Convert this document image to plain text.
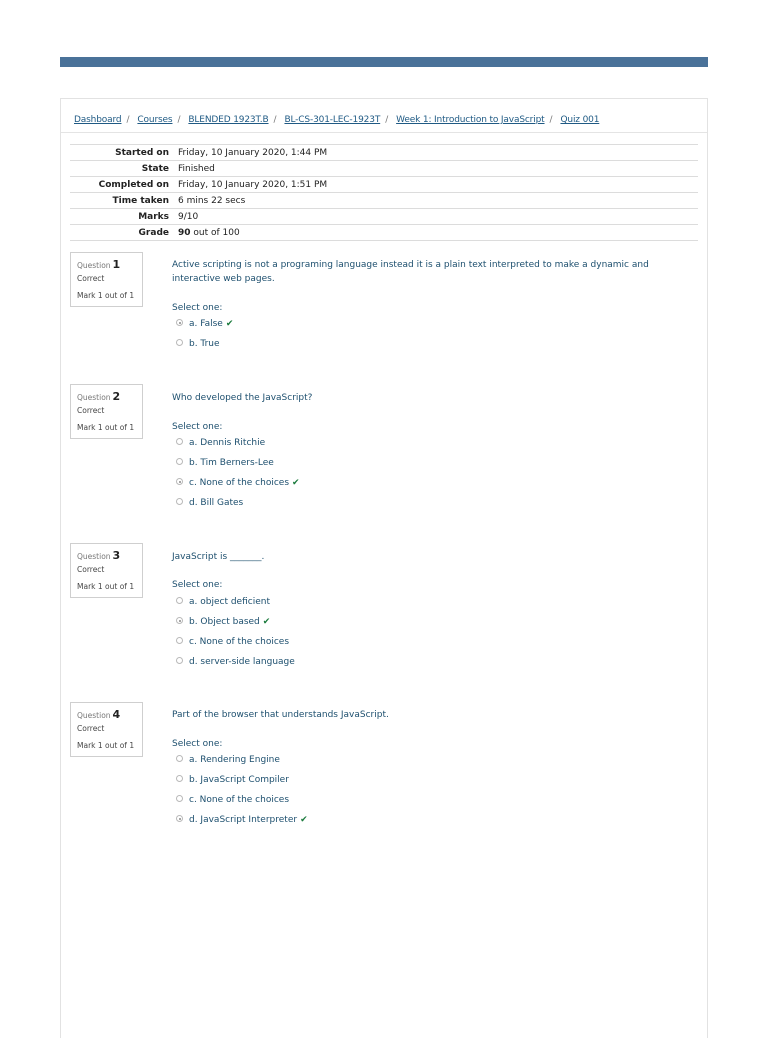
Dashboard / Courses / BLENDED 1923T.B / BL-CS-301-LEC-1923T / Week 1: Introduction to JavaScript / Quiz 001
Started on	Friday, 10 January 2020, 1:44 PM
State	Finished
Completed on	Friday, 10 January 2020, 1:51 PM
Time taken	6 mins 22 secs
Marks	9/10
Grade	90 out of 100
Question 1
Correct
Mark 1 out of 1
Active scripting is not a programing language instead it is a plain text interpreted to make a dynamic and interactive web pages.
Select one:
a. False ✔
b. True
Question 2
Correct
Mark 1 out of 1
Who developed the JavaScript?
Select one:
a. Dennis Ritchie
b. Tim Berners-Lee
c. None of the choices ✔
d. Bill Gates
Question 3
Correct
Mark 1 out of 1
JavaScript is _______.
Select one:
a. object deficient
b. Object based ✔
c. None of the choices
d. server-side language
Question 4
Correct
Mark 1 out of 1
Part of the browser that understands JavaScript.
Select one:
a. Rendering Engine
b. JavaScript Compiler
c. None of the choices
d. JavaScript Interpreter ✔
